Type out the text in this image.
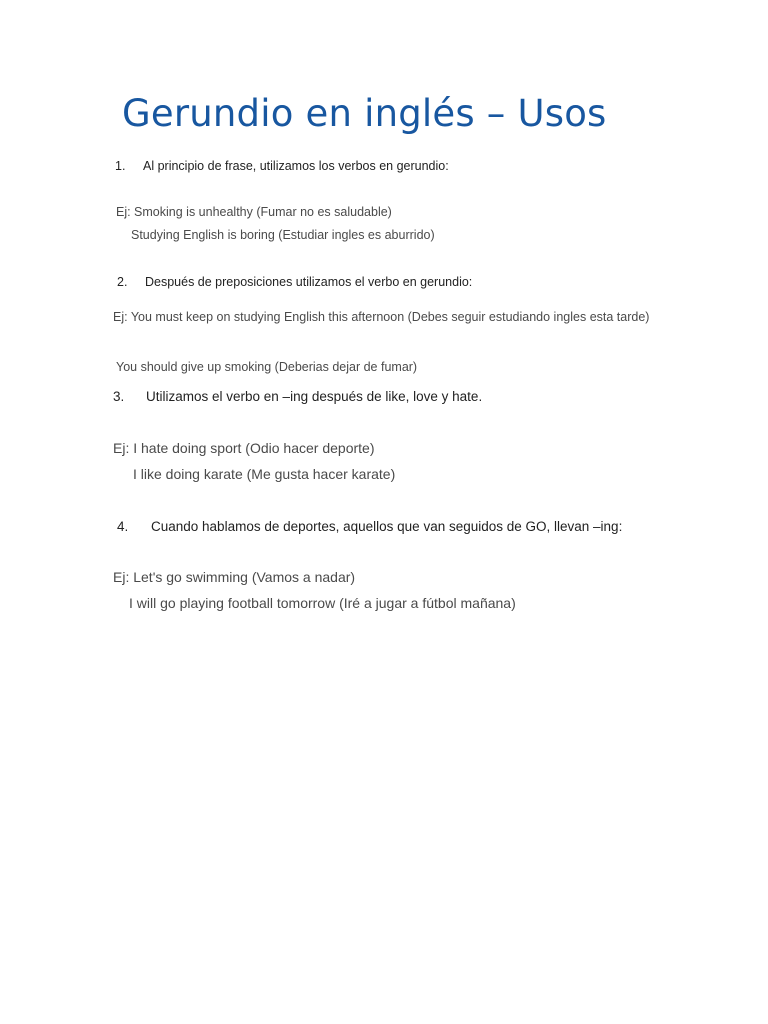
Gerundio en inglés – Usos
1. Al principio de frase, utilizamos los verbos en gerundio:
Ej: Smoking is unhealthy (Fumar no es saludable)
Studying English is boring (Estudiar ingles es aburrido)
2. Después de preposiciones utilizamos el verbo en gerundio:
Ej: You must keep on studying English this afternoon (Debes seguir estudiando ingles esta tarde)
You should give up smoking (Deberias dejar de fumar)
3. Utilizamos el verbo en –ing después de like, love y hate.
Ej: I hate doing sport (Odio hacer deporte)
I like doing karate (Me gusta hacer karate)
4. Cuando hablamos de deportes, aquellos que van seguidos de GO, llevan –ing:
Ej: Let's go swimming (Vamos a nadar)
I will go playing football tomorrow (Iré a jugar a fútbol mañana)
